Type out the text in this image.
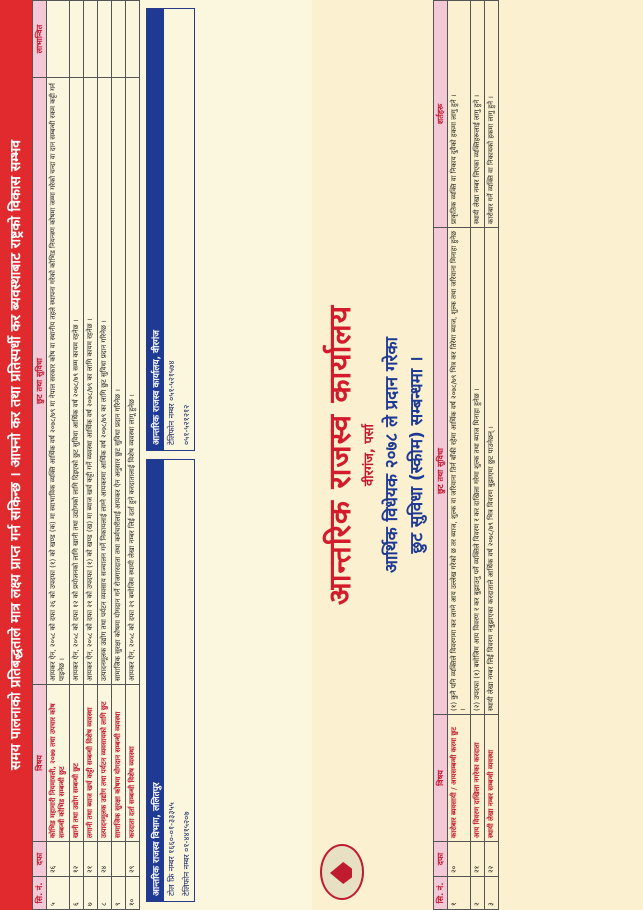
समय पालनाको प्रतिबद्धताले मात्र लक्ष्य प्राप्त गर्न सकिन्छ । आफ्नो कर तथा प्रतिस्पर्धी कर ब्यवस्थाबाट राष्ट्रको विकास सम्भव
सि. नं.	दफा	विषय	छुट तथा सुविधा	लाभान्वित
५	२६	कोभिड महामारी नियमावली, २०७७ तथा उपचार कोष सम्बन्धी कोभिड सम्बन्धी छुट	आयकर ऐन, २०५८ को दफा २६ को उपदफा (१) को खण्ड (क) मा स्वाभाविक व्यक्ति आर्थिक वर्ष २०७८/७९ मा नेपाल सरकार कोष वा स्थानीय तहले स्थापना गरेको कोभिड नियन्त्रण कोषमा जम्मा गरेको चन्दा वा दान सम्बन्धी रकम कट्टी गर्न पाइनेछ ।	
६	१२	खानी तथा उद्योग सम्बन्धी छुट	आयकर ऐन, २०५८ को दफा १२ को प्रयोजनको लागि खानी तथा उद्योगको लागि दिइएको छुट सुविधा आर्थिक वर्ष २०७८/७९ सम्म कायम रहनेछ ।	
७	२१	लगानी तथा ब्याज खर्च कट्टी सम्बन्धी विशेष व्यवस्था	आयकर ऐन, २०५८ को दफा २१ को उपदफा (१) को खण्ड (ख) मा ब्याज खर्च कट्टी गर्ने व्यवस्था आर्थिक वर्ष २०७८/७९ का लागि कायम रहनेछ ।	
८	२४	उत्पादनमूलक उद्योग तथा पर्यटन व्यवसायको लागि छुट	उत्पादनमूलक उद्योग तथा पर्यटन व्यवसाय सञ्चालन गर्ने निकायलाई लाग्ने आयकरमा आर्थिक वर्ष २०७८/७९ का लागि छुट सुविधा प्रदान गरिनेछ ।	
९		सामाजिक सुरक्षा कोषमा योगदान सम्बन्धी व्यवस्था	सामाजिक सुरक्षा कोषमा योगदान गर्ने रोजगारदाता तथा कर्मचारीलाई आयकर ऐन अनुसार छुट सुविधा प्रदान गरिनेछ ।	
१०	२९	करदाता दर्ता सम्बन्धी विशेष व्यवस्था	आयकर ऐन, २०५८ को दफा २९ बमोजिम स्थायी लेखा नम्बर लिई दर्ता हुने करदातालाई विशेष व्यवस्था लागू हुनेछ ।	
आन्तरिक राजस्व विभाग, ललितपुर टोल फ्रि नम्बर १६६०-०१-३३३५५ टेलिफोन नम्बर ०१-४४१५२०७
आन्तरिक राजस्व कार्यालय, वीरगंज टेलिफोन नम्बर ०५१-५२१५७४ ०५१-५२१२१२	आन्तरिक राजस्व कार्यालय वीरगंज, पर्सा आर्थिक विधेयक २०७८ ले प्रदान गरेका छुट सुविधा (स्कीम) सम्बन्धमा ।
सि. नं.	दफा	विषय	छुट तथा सुविधा	शर्तहरू
१	२०	कारोबार ब्यवसायी / आयसम्बन्धी करमा छुट	(१) कुनै पनि व्यक्तिले विवरणमा कर लाग्ने आय उल्लेख गरेको छ तर ब्याज, शुल्क वा जरिवाना तिर्न बाँकी रहेमा आर्थिक वर्ष २०७८/७९ भित्र कर तिरेमा ब्याज, शुल्क तथा जरिवाना मिनाहा हुनेछ ।	प्राकृतिक व्यक्ति वा निकाय दुवैको हकमा लागु हुने ।
२	२१	आय विवरण दाखिला नगरेका करदाता	(२) उपदफा (१) बमोजिम आय विवरण र कर बुझाउनु पर्ने व्यक्तिले विवरण र कर दाखिला गरेमा शुल्क तथा ब्याज मिनाहा हुनेछ ।	स्थायी लेखा नम्बर लिएका व्यक्तिहरूलाई लागु हुने ।
३	२२	स्थायी लेखा नम्बर सम्बन्धी व्यवस्था	स्थायी लेखा नम्बर लिई विवरण नबुझाएका करदाताले आर्थिक वर्ष २०७८/७९ भित्र विवरण बुझाएमा छुट पाउनेछन् ।	कारोबार गर्ने व्यक्ति वा निकायको हकमा लागु हुने ।
